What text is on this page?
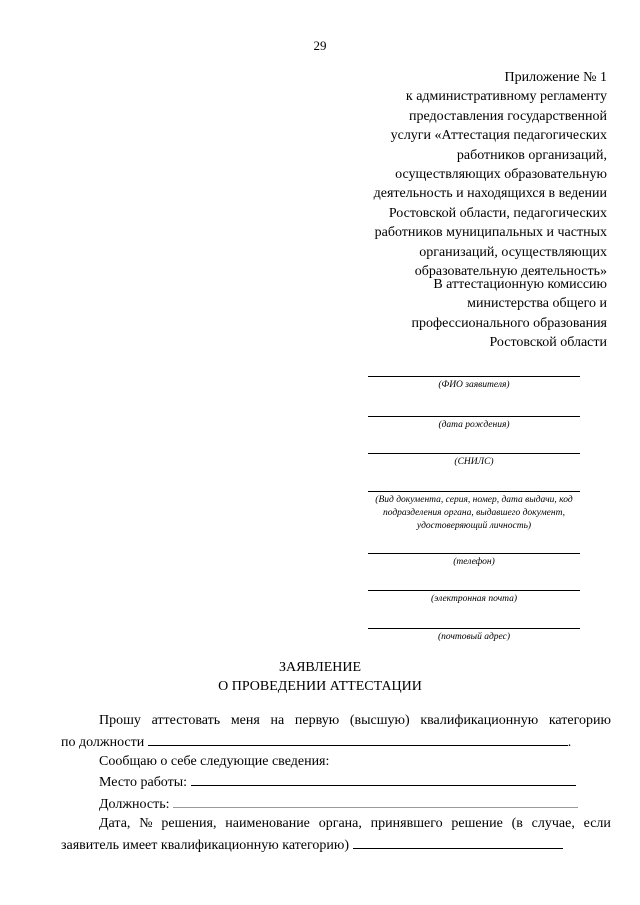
29
Приложение № 1
к административному регламенту
предоставления государственной
услуги «Аттестация педагогических
работников организаций,
осуществляющих образовательную
деятельность и находящихся в ведении
Ростовской области, педагогических
работников муниципальных и частных
организаций, осуществляющих
образовательную деятельность»
В аттестационную комиссию
министерства общего и
профессионального образования
Ростовской области
(ФИО заявителя)
(дата рождения)
(СНИЛС)
(Вид документа, серия, номер, дата выдачи, код
подразделения органа, выдавшего документ,
удостоверяющий личность)
(телефон)
(электронная почта)
(почтовый адрес)
ЗАЯВЛЕНИЕ
О ПРОВЕДЕНИИ АТТЕСТАЦИИ
Прошу аттестовать меня на первую (высшую) квалификационную категорию
по должности	.
Сообщаю о себе следующие сведения:
Место работы:
Должность:
Дата, № решения, наименование органа, принявшего решение (в случае, если
заявитель имеет квалификационную категорию)
